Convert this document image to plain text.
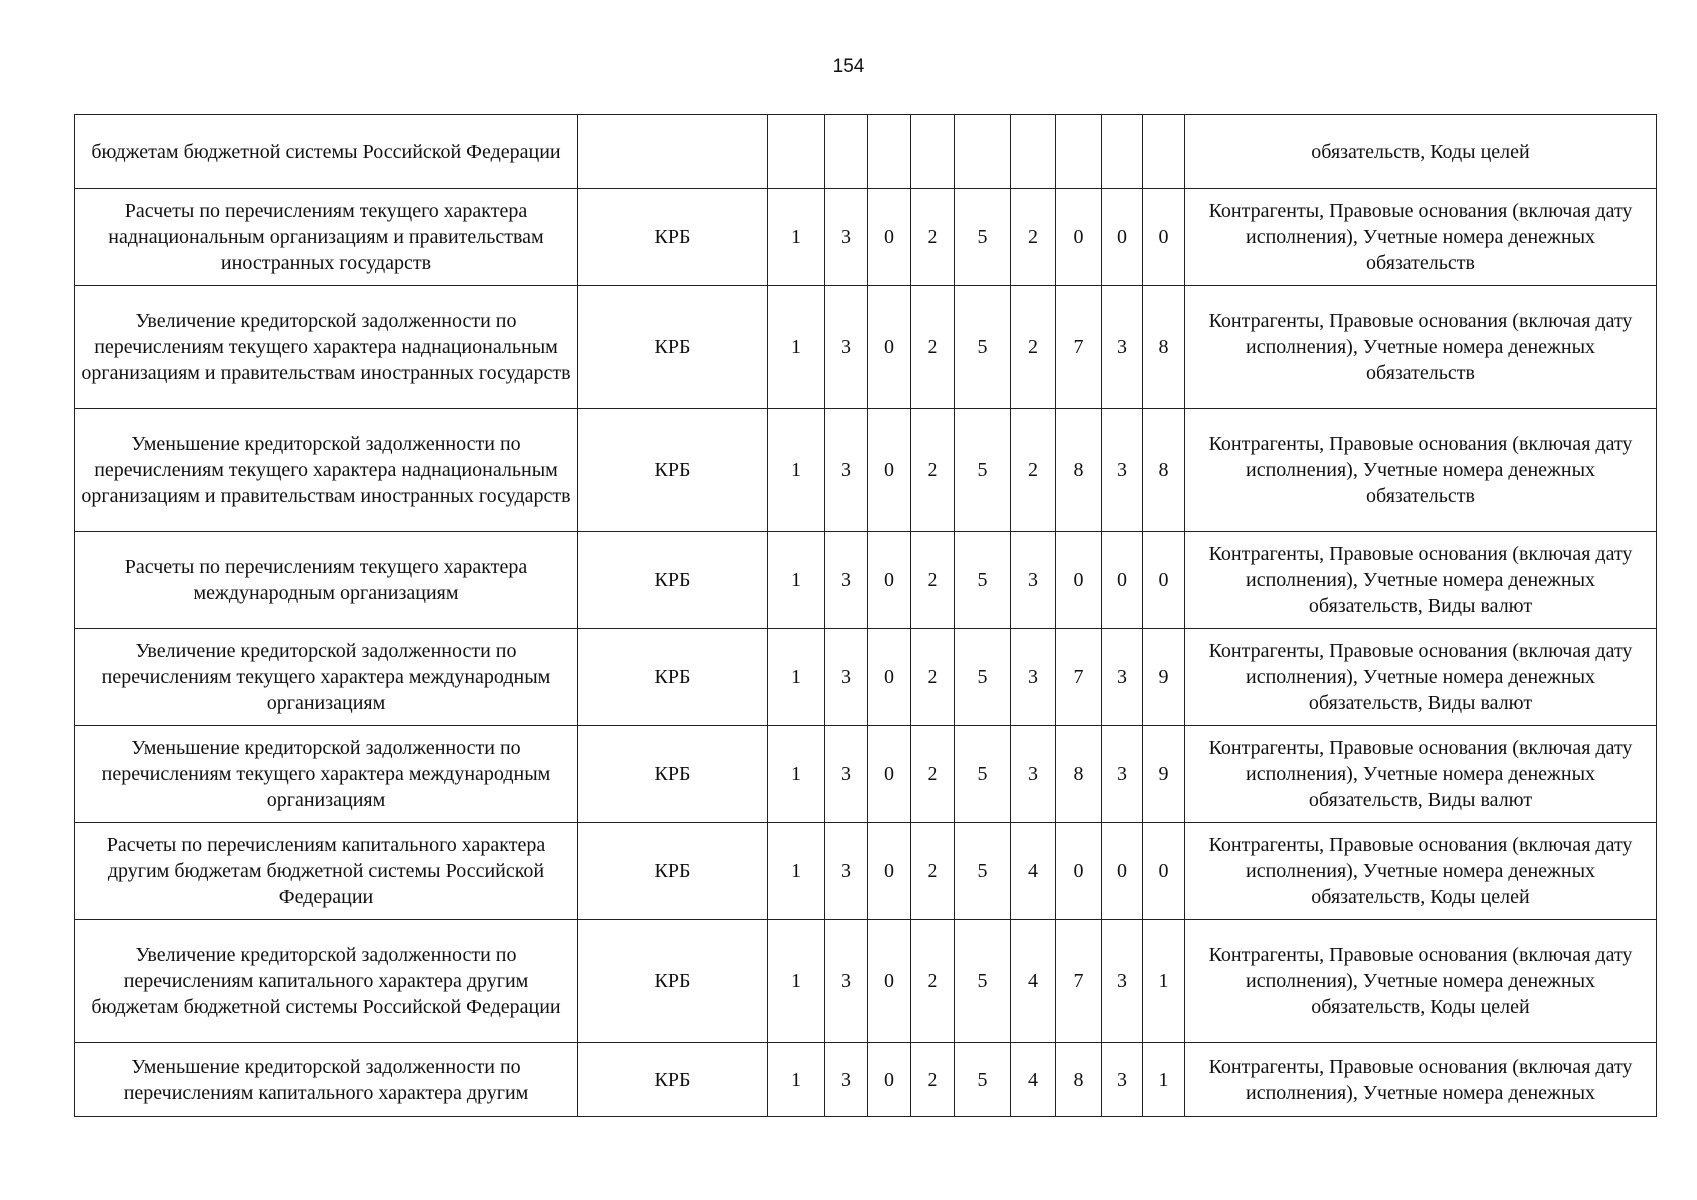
154
бюджетам бюджетной системы Российской Федерации											обязательств, Коды целей
Расчеты по перечислениям текущего характера наднациональным организациям и правительствам иностранных государств	КРБ	1	3	0	2	5	2	0	0	0	Контрагенты, Правовые основания (включая дату исполнения), Учетные номера денежных обязательств
Увеличение кредиторской задолженности по перечислениям текущего характера наднациональным организациям и правительствам иностранных государств	КРБ	1	3	0	2	5	2	7	3	8	Контрагенты, Правовые основания (включая дату исполнения), Учетные номера денежных обязательств
Уменьшение кредиторской задолженности по перечислениям текущего характера наднациональным организациям и правительствам иностранных государств	КРБ	1	3	0	2	5	2	8	3	8	Контрагенты, Правовые основания (включая дату исполнения), Учетные номера денежных обязательств
Расчеты по перечислениям текущего характера международным организациям	КРБ	1	3	0	2	5	3	0	0	0	Контрагенты, Правовые основания (включая дату исполнения), Учетные номера денежных обязательств, Виды валют
Увеличение кредиторской задолженности по перечислениям текущего характера международным организациям	КРБ	1	3	0	2	5	3	7	3	9	Контрагенты, Правовые основания (включая дату исполнения), Учетные номера денежных обязательств, Виды валют
Уменьшение кредиторской задолженности по перечислениям текущего характера международным организациям	КРБ	1	3	0	2	5	3	8	3	9	Контрагенты, Правовые основания (включая дату исполнения), Учетные номера денежных обязательств, Виды валют
Расчеты по перечислениям капитального характера другим бюджетам бюджетной системы Российской Федерации	КРБ	1	3	0	2	5	4	0	0	0	Контрагенты, Правовые основания (включая дату исполнения), Учетные номера денежных обязательств, Коды целей
Увеличение кредиторской задолженности по перечислениям капитального характера другим бюджетам бюджетной системы Российской Федерации	КРБ	1	3	0	2	5	4	7	3	1	Контрагенты, Правовые основания (включая дату исполнения), Учетные номера денежных обязательств, Коды целей
Уменьшение кредиторской задолженности по перечислениям капитального характера другим	КРБ	1	3	0	2	5	4	8	3	1	Контрагенты, Правовые основания (включая дату исполнения), Учетные номера денежных
